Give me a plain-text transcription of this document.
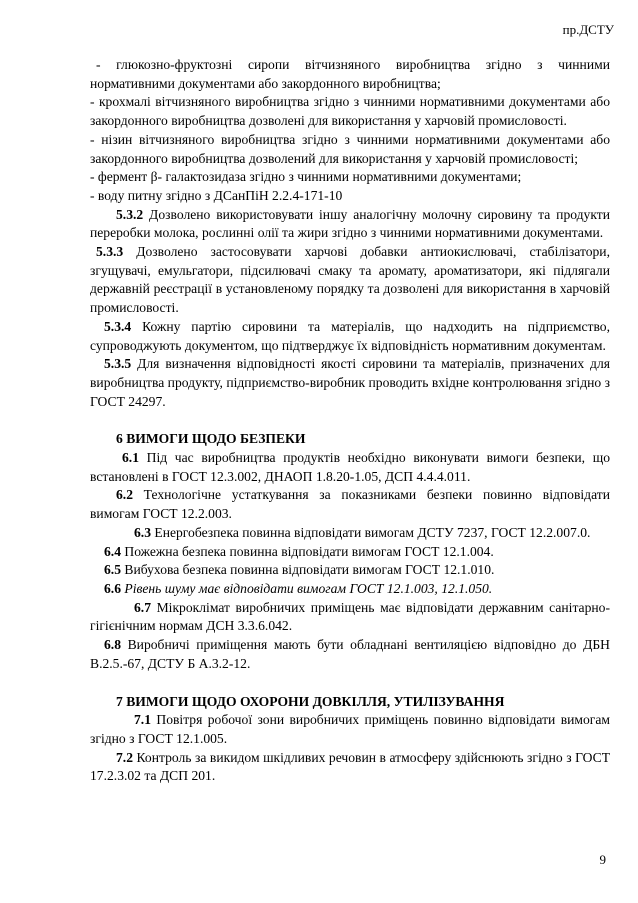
пр.ДСТУ

- глюкозно-фруктозні сиропи вітчизняного виробництва згідно з чинними нормативними документами або закордонного виробництва;

- крохмалі вітчизняного виробництва згідно з чинними нормативними документами або закордонного виробництва дозволені для використання у харчовій промисловості.

- нізин вітчизняного виробництва згідно з чинними нормативними документами або закордонного виробництва дозволений для використання у харчовій промисловості;

- фермент β- галактозидаза згідно з чинними нормативними документами;

- воду питну згідно з ДСанПіН 2.2.4-171-10

5.3.2 Дозволено використовувати іншу аналогічну молочну сировину та продукти переробки молока, рослинні олії та жири згідно з чинними нормативними документами.

5.3.3 Дозволено застосовувати харчові добавки антиокислювачі, стабілізатори, згущувачі, емульгатори, підсилювачі смаку та аромату, ароматизатори, які підлягали державній реєстрації в установленому порядку та дозволені для використання в харчовій промисловості.

5.3.4 Кожну партію сировини та матеріалів, що надходить на підприємство, супроводжують документом, що підтверджує їх відповідність нормативним документам.

5.3.5 Для визначення відповідності якості сировини та матеріалів, призначених для виробництва продукту, підприємство-виробник проводить вхідне контролювання згідно з ГОСТ 24297.

6 ВИМОГИ ЩОДО БЕЗПЕКИ

6.1 Під час виробництва продуктів необхідно виконувати вимоги безпеки, що встановлені в ГОСТ 12.3.002, ДНАОП 1.8.20-1.05, ДСП 4.4.4.011.

6.2 Технологічне устаткування за показниками безпеки повинно відповідати вимогам ГОСТ 12.2.003.

6.3 Енергобезпека повинна відповідати вимогам ДСТУ 7237, ГОСТ 12.2.007.0.

6.4 Пожежна безпека повинна відповідати вимогам ГОСТ 12.1.004.

6.5 Вибухова безпека повинна відповідати вимогам ГОСТ 12.1.010.

6.6 Рівень шуму має відповідати вимогам ГОСТ 12.1.003, 12.1.050.

6.7 Мікроклімат виробничих приміщень має відповідати державним санітарно-гігієнічним нормам ДСН 3.3.6.042.

6.8 Виробничі приміщення мають бути обладнані вентиляцією відповідно до ДБН В.2.5.-67, ДСТУ Б А.3.2-12.

7 ВИМОГИ ЩОДО ОХОРОНИ ДОВКІЛЛЯ, УТИЛІЗУВАННЯ

7.1 Повітря робочої зони виробничих приміщень повинно відповідати вимогам згідно з ГОСТ 12.1.005.

7.2 Контроль за викидом шкідливих речовин в атмосферу здійснюють згідно з ГОСТ 17.2.3.02 та ДСП 201.

9
